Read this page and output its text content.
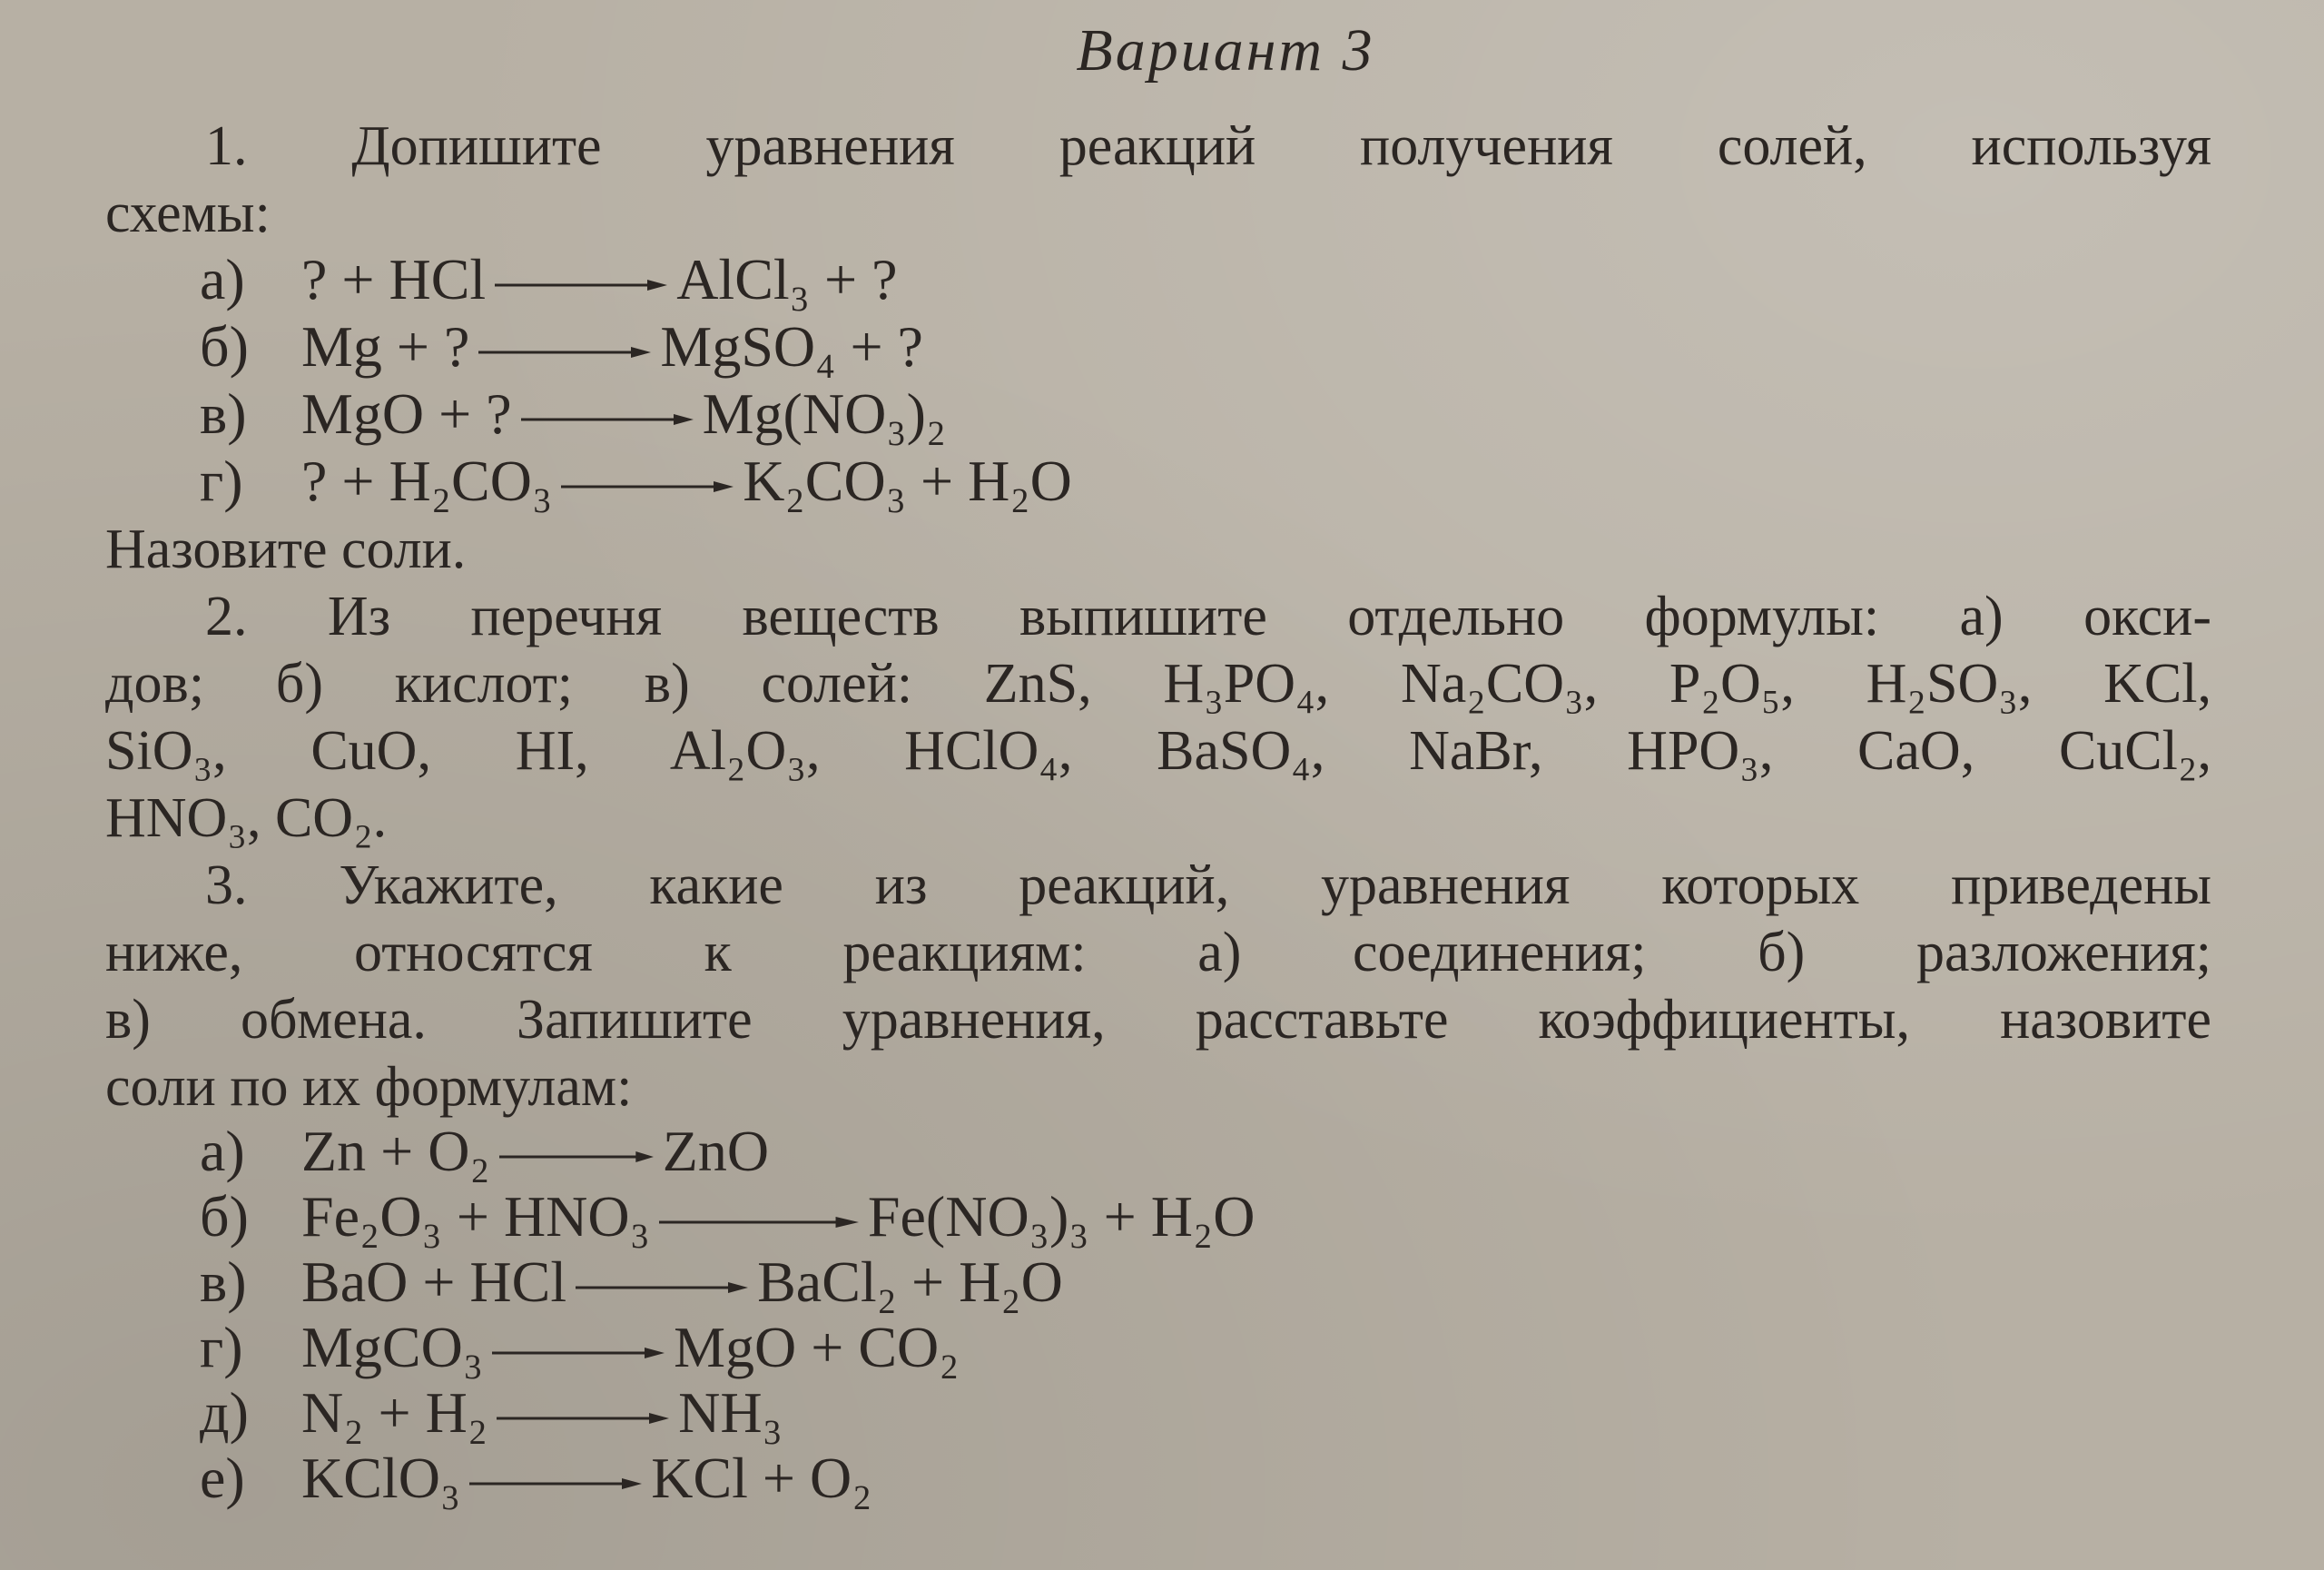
Вариант 3
1. Допишите уравнения реакций получения солей, используя
схемы:
а) ? + HCl → AlCl₃ + ?
б) Mg + ? → MgSO₄ + ?
в) MgO + ? → Mg(NO₃)₂
г) ? + H₂CO₃ → K₂CO₃ + H₂O
Назовите соли.
2. Из перечня веществ выпишите отдельно формулы: а) окси-
дов; б) кислот; в) солей: ZnS, H₃PO₄, Na₂CO₃, P₂O₅, H₂SO₃, KCl,
SiO₃, CuO, HI, Al₂O₃, HClO₄, BaSO₄, NaBr, HPO₃, CaO, CuCl₂,
HNO₃, CO₂.
3. Укажите, какие из реакций, уравнения которых приведены
ниже, относятся к реакциям: а) соединения; б) разложения;
в) обмена. Запишите уравнения, расставьте коэффициенты, назовите
соли по их формулам:
а) Zn + O₂ → ZnO
б) Fe₂O₃ + HNO₃ → Fe(NO₃)₃ + H₂O
в) BaO + HCl → BaCl₂ + H₂O
г) MgCO₃ → MgO + CO₂
д) N₂ + H₂ → NH₃
е) KClO₃ → KCl + O₂
